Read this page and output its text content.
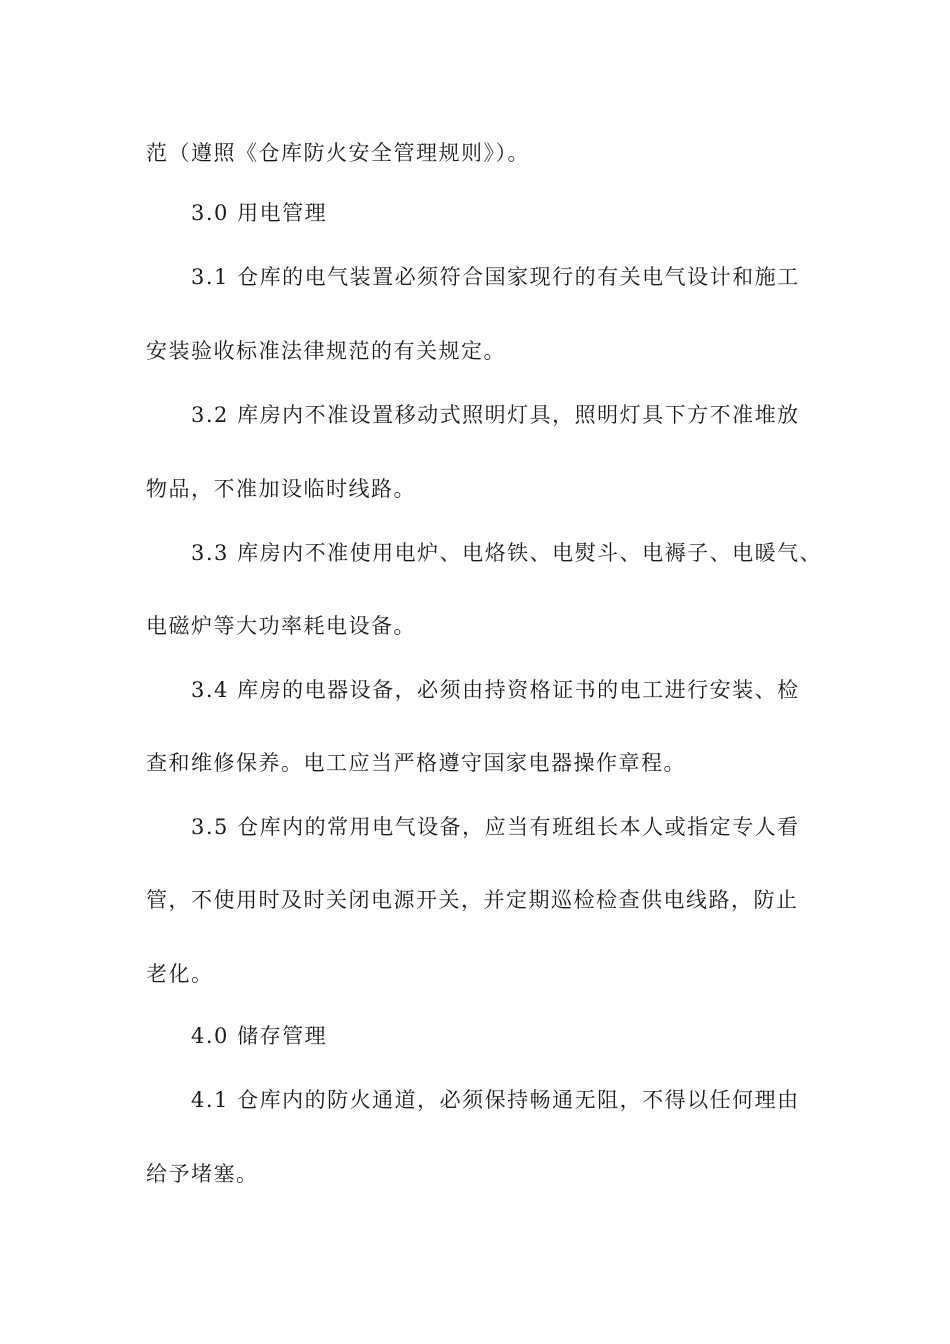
范（遵照《仓库防火安全管理规则》）。
3.0 用电管理
3.1 仓库的电气装置必须符合国家现行的有关电气设计和施工
安装验收标准法律规范的有关规定。
3.2 库房内不准设置移动式照明灯具，照明灯具下方不准堆放
物品，不准加设临时线路。
3.3 库房内不准使用电炉、电烙铁、电熨斗、电褥子、电暖气、
电磁炉等大功率耗电设备。
3.4 库房的电器设备，必须由持资格证书的电工进行安装、检
查和维修保养。电工应当严格遵守国家电器操作章程。
3.5 仓库内的常用电气设备，应当有班组长本人或指定专人看
管，不使用时及时关闭电源开关，并定期巡检检查供电线路，防止
老化。
4.0 储存管理
4.1 仓库内的防火通道，必须保持畅通无阻，不得以任何理由
给予堵塞。
